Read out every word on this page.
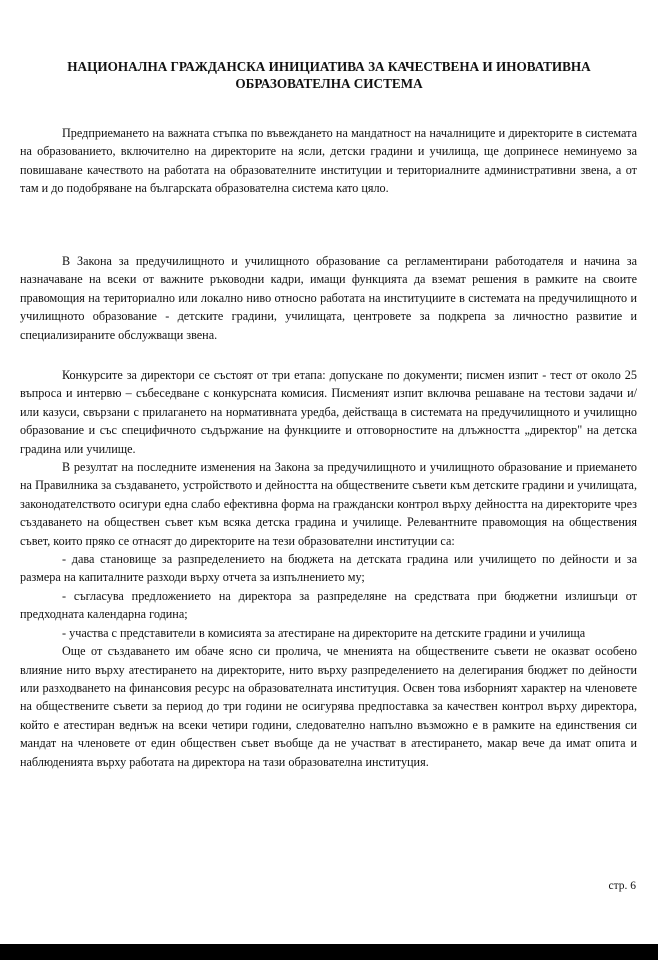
НАЦИОНАЛНА ГРАЖДАНСКА ИНИЦИАТИВА ЗА КАЧЕСТВЕНА И ИНОВАТИВНА
ОБРАЗОВАТЕЛНА СИСТЕМА

Предприемането на важната стъпка по въвеждането на мандатност на началниците и директорите в системата на образованието, включително на директорите на ясли, детски градини и училища, ще допринесе неминуемо за повишаване качеството на работата на образователните институции и териториалните административни звена, а от там и до подобряване на българската образователна система като цяло.

В Закона за предучилищното и училищното образование са регламентирани работодателя и начина за назначаване на всеки от важните ръководни кадри, имащи функцията да вземат решения в рамките на своите правомощия на териториално или локално ниво относно работата на институциите в системата на предучилищното и училищното образование - детските градини, училищата, центровете за подкрепа за личностно развитие и специализираните обслужващи звена.

Конкурсите за директори се състоят от три етапа: допускане по документи; писмен изпит - тест от около 25 въпроса и интервю – събеседване с конкурсната комисия. Писменият изпит включва решаване на тестови задачи и/или казуси, свързани с прилагането на нормативната уредба, действаща в системата на предучилищното и училищно образование и със специфичното съдържание на функциите и отговорностите на длъжността „директор" на детска градина или училище.

В резултат на последните изменения на Закона за предучилищното и училищното образование и приемането на Правилника за създаването, устройството и дейността на обществените съвети към детските градини и училищата, законодателството осигури една слабо ефективна форма на граждански контрол върху дейността на директорите чрез създаването на обществен съвет към всяка детска градина и училище. Релевантните правомощия на обществения съвет, които пряко се отнасят до директорите на тези образователни институции са:

- дава становище за разпределението на бюджета на детската градина или училището по дейности и за размера на капиталните разходи върху отчета за изпълнението му;

- съгласува предложението на директора за разпределяне на средствата при бюджетни излишъци от предходната календарна година;

- участва с представители в комисията за атестиране на директорите на детските градини и училища

Още от създаването им обаче ясно си пролича, че мненията на обществените съвети не оказват особено влияние нито върху атестирането на директорите, нито върху разпределението на делегирания бюджет по дейности или разходването на финансовия ресурс на образователната институция. Освен това изборният характер на членовете на обществените съвети за период до три години не осигурява предпоставка за качествен контрол върху директора, който е атестиран веднъж на всеки четири години, следователно напълно възможно е в рамките на единствения си мандат на членовете от един обществен съвет въобще да не участват в атестирането, макар вече да имат опита и наблюденията върху работата на директора на тази образователна институция.

стр. 6
